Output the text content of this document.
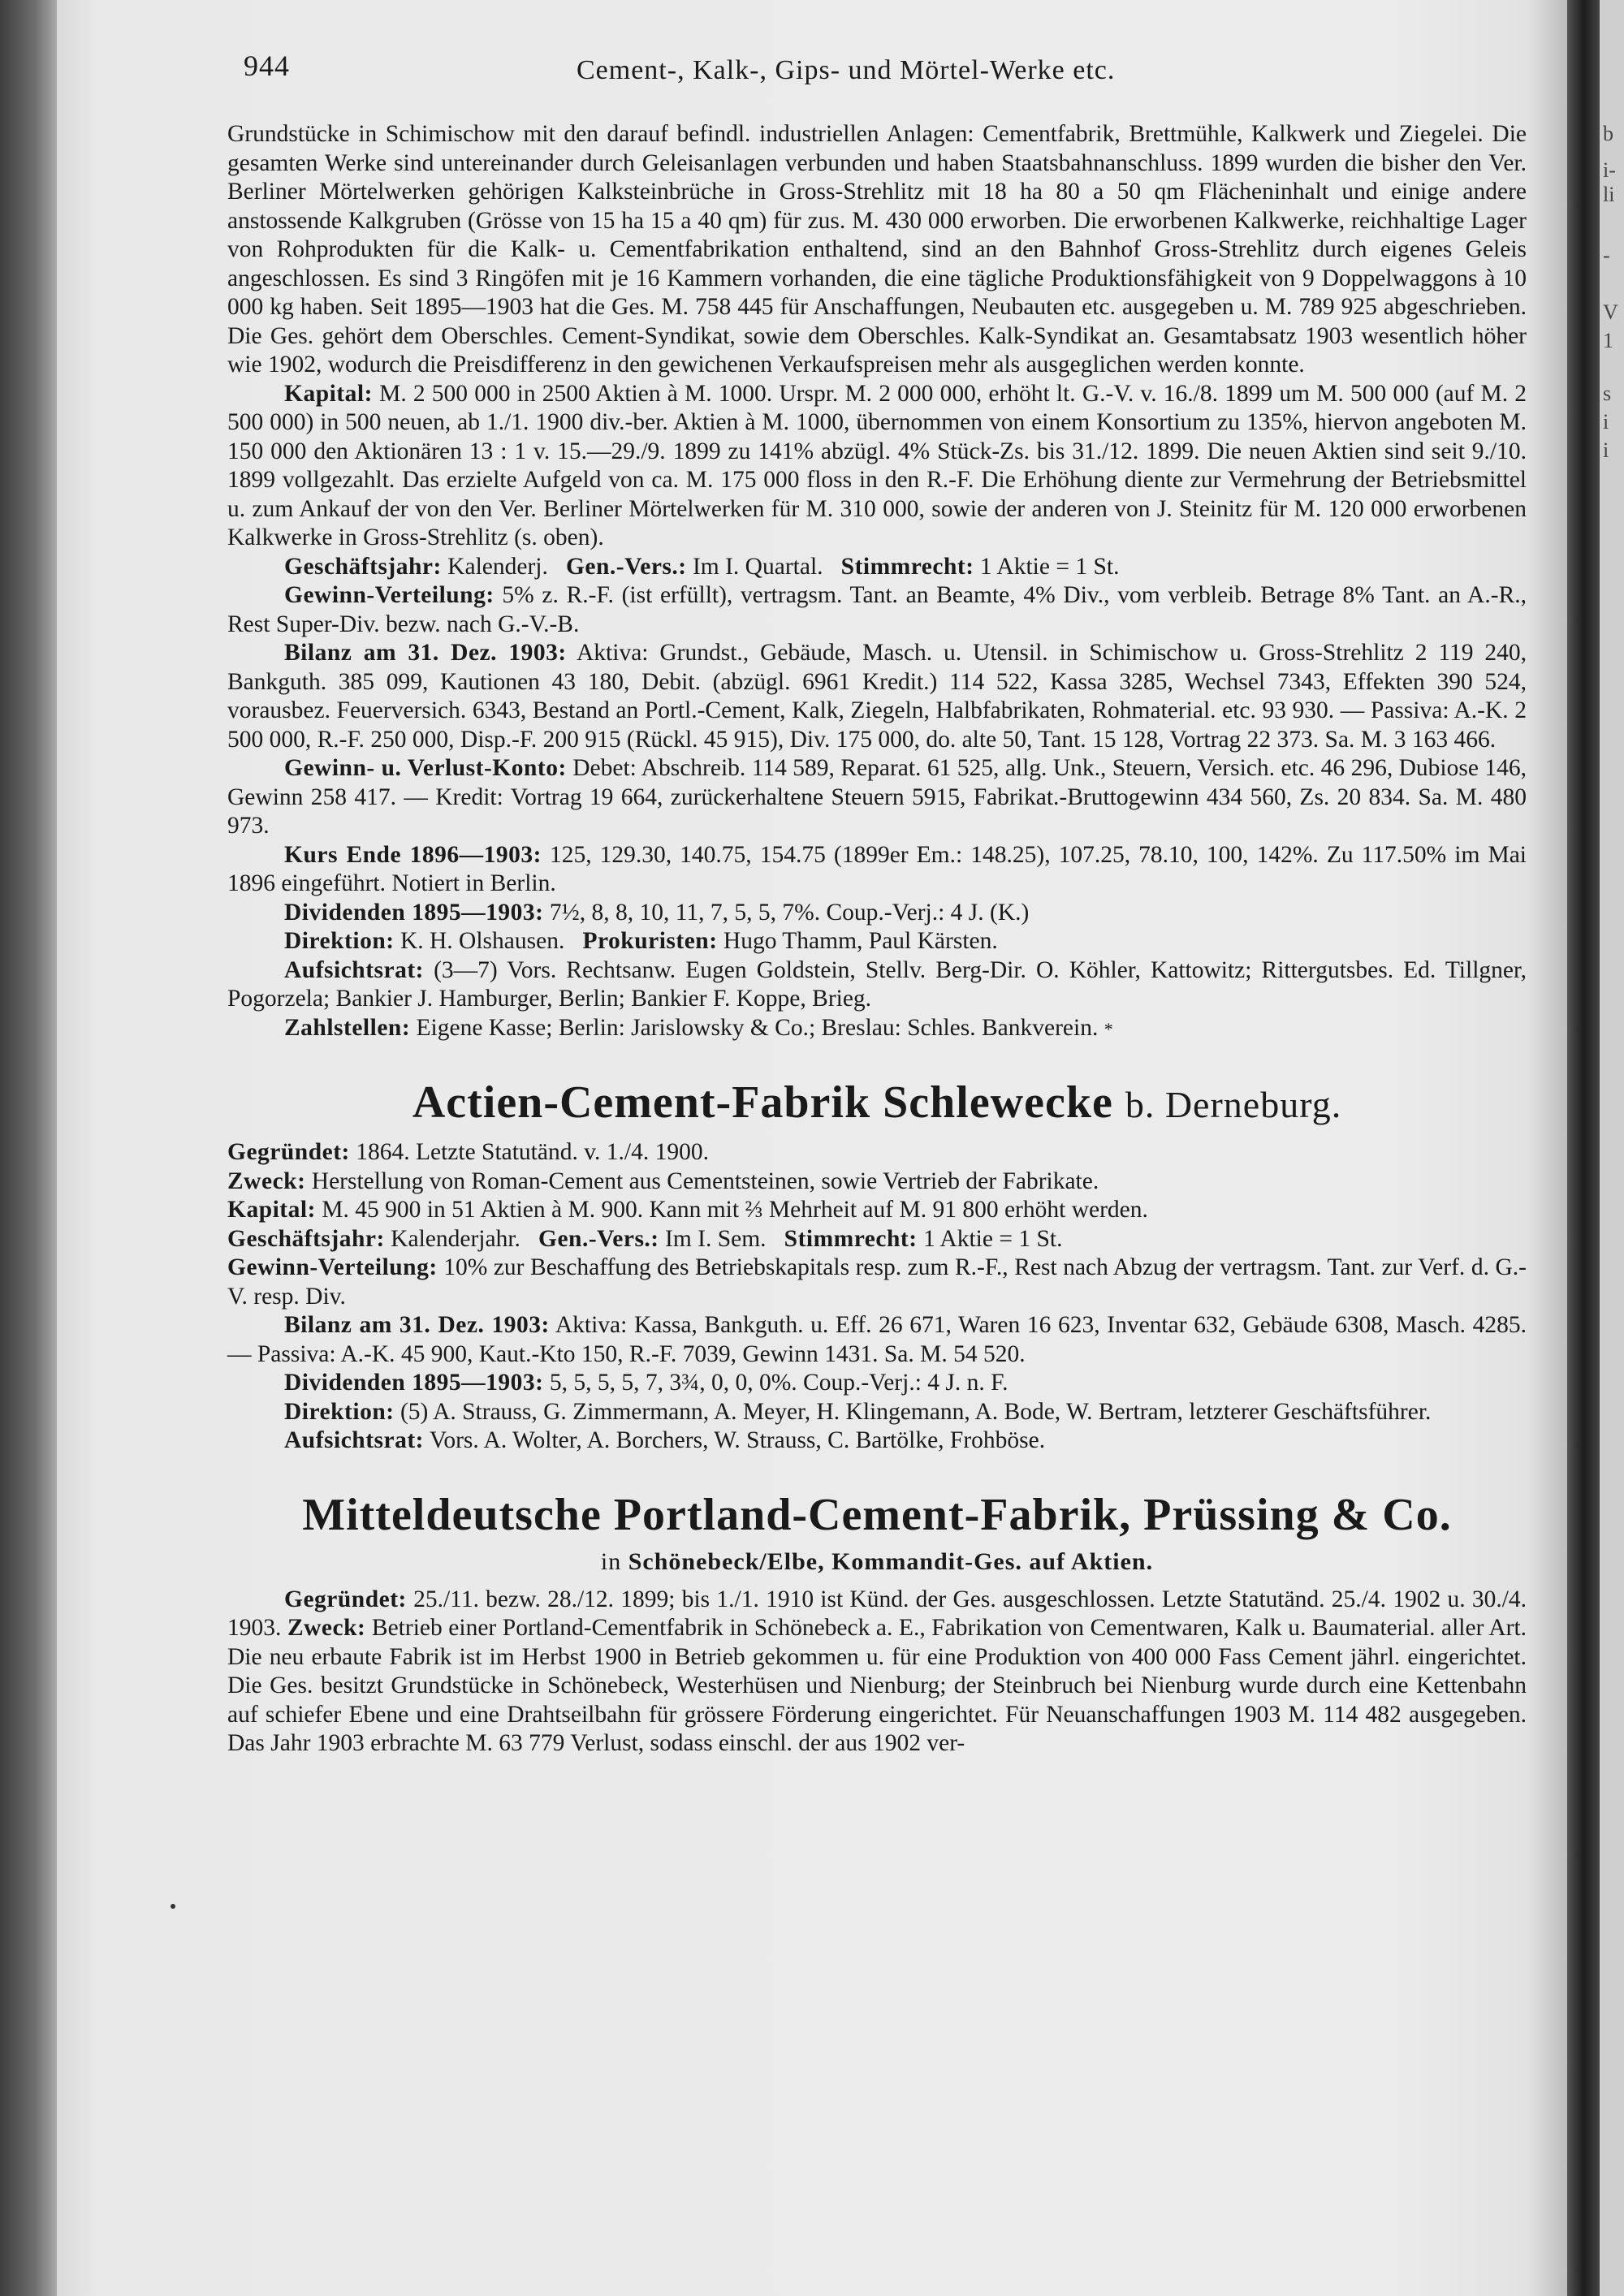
944	Cement-, Kalk-, Gips- und Mörtel-Werke etc.

Grundstücke in Schimischow mit den darauf befindl. industriellen Anlagen: Cementfabrik, Brettmühle, Kalkwerk und Ziegelei. Die gesamten Werke sind untereinander durch Geleisanlagen verbunden und haben Staatsbahnanschluss. 1899 wurden die bisher den Ver. Berliner Mörtelwerken gehörigen Kalksteinbrüche in Gross-Strehlitz mit 18 ha 80 a 50 qm Flächeninhalt und einige andere anstossende Kalkgruben (Grösse von 15 ha 15 a 40 qm) für zus. M. 430 000 erworben. Die erworbenen Kalkwerke, reichhaltige Lager von Rohprodukten für die Kalk- u. Cementfabrikation enthaltend, sind an den Bahnhof Gross-Strehlitz durch eigenes Geleis angeschlossen. Es sind 3 Ringöfen mit je 16 Kammern vorhanden, die eine tägliche Produktionsfähigkeit von 9 Doppelwaggons à 10 000 kg haben. Seit 1895—1903 hat die Ges. M. 758 445 für Anschaffungen, Neubauten etc. ausgegeben u. M. 789 925 abgeschrieben. Die Ges. gehört dem Oberschles. Cement-Syndikat, sowie dem Oberschles. Kalk-Syndikat an. Gesamtabsatz 1903 wesentlich höher wie 1902, wodurch die Preisdifferenz in den gewichenen Verkaufspreisen mehr als ausgeglichen werden konnte.

Kapital: M. 2 500 000 in 2500 Aktien à M. 1000. Urspr. M. 2 000 000, erhöht lt. G.-V. v. 16./8. 1899 um M. 500 000 (auf M. 2 500 000) in 500 neuen, ab 1./1. 1900 div.-ber. Aktien à M. 1000, übernommen von einem Konsortium zu 135%, hiervon angeboten M. 150 000 den Aktionären 13 : 1 v. 15.—29./9. 1899 zu 141% abzügl. 4% Stück-Zs. bis 31./12. 1899. Die neuen Aktien sind seit 9./10. 1899 vollgezahlt. Das erzielte Aufgeld von ca. M. 175 000 floss in den R.-F. Die Erhöhung diente zur Vermehrung der Betriebsmittel u. zum Ankauf der von den Ver. Berliner Mörtelwerken für M. 310 000, sowie der anderen von J. Steinitz für M. 120 000 erworbenen Kalkwerke in Gross-Strehlitz (s. oben).

Geschäftsjahr: Kalenderj. Gen.-Vers.: Im I. Quartal. Stimmrecht: 1 Aktie = 1 St.

Gewinn-Verteilung: 5% z. R.-F. (ist erfüllt), vertragsm. Tant. an Beamte, 4% Div., vom verbleib. Betrage 8% Tant. an A.-R., Rest Super-Div. bezw. nach G.-V.-B.

Bilanz am 31. Dez. 1903: Aktiva: Grundst., Gebäude, Masch. u. Utensil. in Schimischow u. Gross-Strehlitz 2 119 240, Bankguth. 385 099, Kautionen 43 180, Debit. (abzügl. 6961 Kredit.) 114 522, Kassa 3285, Wechsel 7343, Effekten 390 524, vorausbez. Feuerversich. 6343, Bestand an Portl.-Cement, Kalk, Ziegeln, Halbfabrikaten, Rohmaterial. etc. 93 930. — Passiva: A.-K. 2 500 000, R.-F. 250 000, Disp.-F. 200 915 (Rückl. 45 915), Div. 175 000, do. alte 50, Tant. 15 128, Vortrag 22 373. Sa. M. 3 163 466.

Gewinn- u. Verlust-Konto: Debet: Abschreib. 114 589, Reparat. 61 525, allg. Unk., Steuern, Versich. etc. 46 296, Dubiose 146, Gewinn 258 417. — Kredit: Vortrag 19 664, zurückerhaltene Steuern 5915, Fabrikat.-Bruttogewinn 434 560, Zs. 20 834. Sa. M. 480 973.

Kurs Ende 1896—1903: 125, 129.30, 140.75, 154.75 (1899er Em.: 148.25), 107.25, 78.10, 100, 142%. Zu 117.50% im Mai 1896 eingeführt. Notiert in Berlin.

Dividenden 1895—1903: 7½, 8, 8, 10, 11, 7, 5, 5, 7%. Coup.-Verj.: 4 J. (K.)

Direktion: K. H. Olshausen. Prokuristen: Hugo Thamm, Paul Kärsten.

Aufsichtsrat: (3—7) Vors. Rechtsanw. Eugen Goldstein, Stellv. Berg-Dir. O. Köhler, Kattowitz; Rittergutsbes. Ed. Tillgner, Pogorzela; Bankier J. Hamburger, Berlin; Bankier F. Koppe, Brieg.

Zahlstellen: Eigene Kasse; Berlin: Jarislowsky & Co.; Breslau: Schles. Bankverein. *

Actien-Cement-Fabrik Schlewecke b. Derneburg.

Gegründet: 1864. Letzte Statutänd. v. 1./4. 1900.

Zweck: Herstellung von Roman-Cement aus Cementsteinen, sowie Vertrieb der Fabrikate.

Kapital: M. 45 900 in 51 Aktien à M. 900. Kann mit ⅔ Mehrheit auf M. 91 800 erhöht werden.

Geschäftsjahr: Kalenderjahr. Gen.-Vers.: Im I. Sem. Stimmrecht: 1 Aktie = 1 St.

Gewinn-Verteilung: 10% zur Beschaffung des Betriebskapitals resp. zum R.-F., Rest nach Abzug der vertragsm. Tant. zur Verf. d. G.-V. resp. Div.

Bilanz am 31. Dez. 1903: Aktiva: Kassa, Bankguth. u. Eff. 26 671, Waren 16 623, Inventar 632, Gebäude 6308, Masch. 4285. — Passiva: A.-K. 45 900, Kaut.-Kto 150, R.-F. 7039, Gewinn 1431. Sa. M. 54 520.

Dividenden 1895—1903: 5, 5, 5, 5, 7, 3¾, 0, 0, 0%. Coup.-Verj.: 4 J. n. F.

Direktion: (5) A. Strauss, G. Zimmermann, A. Meyer, H. Klingemann, A. Bode, W. Bertram, letzterer Geschäftsführer.

Aufsichtsrat: Vors. A. Wolter, A. Borchers, W. Strauss, C. Bartölke, Frohböse.

Mitteldeutsche Portland-Cement-Fabrik, Prüssing & Co.
in Schönebeck/Elbe, Kommandit-Ges. auf Aktien.

Gegründet: 25./11. bezw. 28./12. 1899; bis 1./1. 1910 ist Künd. der Ges. ausgeschlossen. Letzte Statutänd. 25./4. 1902 u. 30./4. 1903. Zweck: Betrieb einer Portland-Cementfabrik in Schönebeck a. E., Fabrikation von Cementwaren, Kalk u. Baumaterial. aller Art. Die neu erbaute Fabrik ist im Herbst 1900 in Betrieb gekommen u. für eine Produktion von 400 000 Fass Cement jährl. eingerichtet. Die Ges. besitzt Grundstücke in Schönebeck, Westerhüsen und Nienburg; der Steinbruch bei Nienburg wurde durch eine Kettenbahn auf schiefer Ebene und eine Drahtseilbahn für grössere Förderung eingerichtet. Für Neuanschaffungen 1903 M. 114 482 ausgegeben. Das Jahr 1903 erbrachte M. 63 779 Verlust, sodass einschl. der aus 1902 ver-

b
i-
li
-
V
1
s
i
i
